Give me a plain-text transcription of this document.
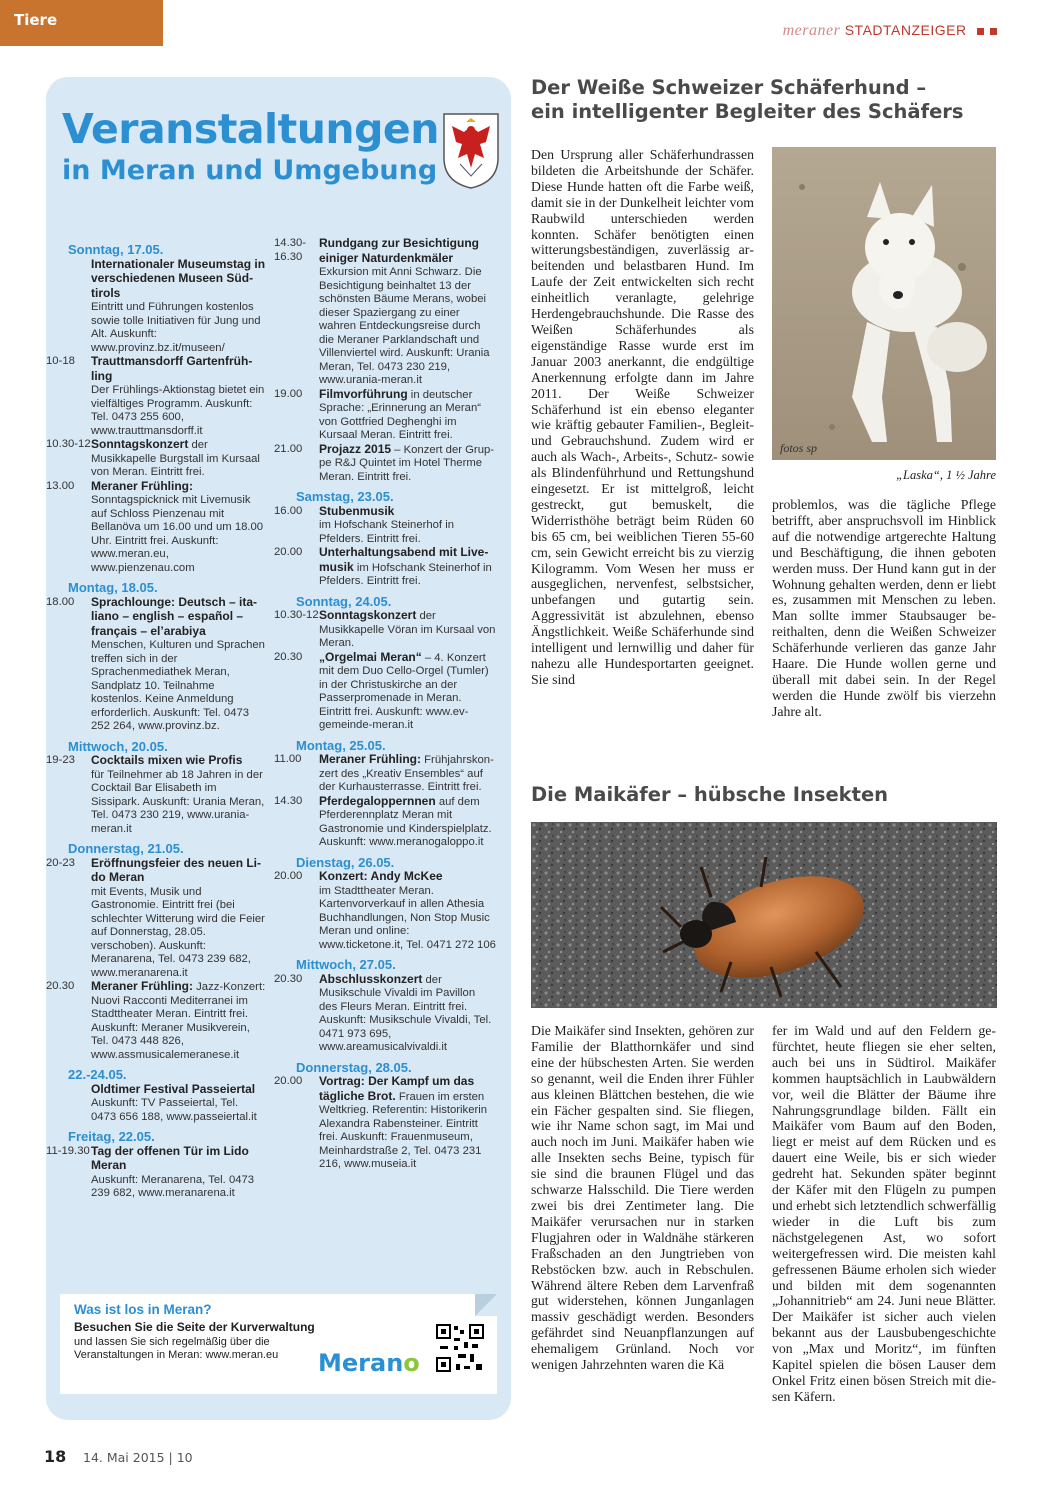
Tiere
meraner STADTANZEIGER
Veranstaltungen
in Meran und Umgebung
Sonntag, 17.05.
Internationaler Museumstag in verschiedenen Museen Südtirols
Eintritt und Führungen kostenlos sowie tolle Initiativen für Jung und Alt. Auskunft: www.provinz.bz.it/museen/
10-18	Trauttmansdorff Gartenfrühling
Der Frühlings-Aktionstag bietet ein vielfältiges Programm. Auskunft: Tel. 0473 255 600, www.trauttmansdorff.it
10.30-12 Sonntagskonzert der Musikkapelle Burgstall im Kursaal von Meran. Eintritt frei.
13.00	Meraner Frühling: Sonntagspicknick mit Livemusik auf Schloss Pienzenau mit Bellanöva um 16.00 und um 18.00 Uhr. Eintritt frei. Auskunft: www.meran.eu, www.pienzenau.com
Montag, 18.05.
18.00	Sprachlounge: Deutsch – italiano – english – español – français – el’arabiya
Menschen, Kulturen und Sprachen treffen sich in der Sprachenmediathek Meran, Sandplatz 10. Teilnahme kostenlos. Keine Anmeldung erforderlich. Auskunft: Tel. 0473 252 264, www.provinz.bz.
Mittwoch, 20.05.
19-23	Cocktails mixen wie Profis
für Teilnehmer ab 18 Jahren in der Cocktail Bar Elisabeth im Sissipark. Auskunft: Urania Meran, Tel. 0473 230 219, www.urania-meran.it
Donnerstag, 21.05.
20-23	Eröffnungsfeier des neuen Lido Meran
mit Events, Musik und Gastronomie. Eintritt frei (bei schlechter Witterung wird die Feier auf Donnerstag, 28.05. verschoben). Auskunft: Meranarena, Tel. 0473 239 682, www.meranarena.it
20.30	Meraner Frühling: Jazz-Konzert: Nuovi Racconti Mediterranei im Stadttheater Meran. Eintritt frei. Auskunft: Meraner Musikverein, Tel. 0473 448 826, www.assmusicalemeranese.it
22.-24.05.
Oldtimer Festival Passeiertal
Auskunft: TV Passeiertal, Tel. 0473 656 188, www.passeiertal.it
Freitag, 22.05.
11-19.30 Tag der offenen Tür im Lido Meran
Auskunft: Meranarena, Tel. 0473 239 682, www.meranarena.it
14.30-16.30
Rundgang zur Besichtigung einiger Naturdenkmäler
Exkursion mit Anni Schwarz. Die Besichtigung beinhaltet 13 der schönsten Bäume Merans, wobei dieser Spaziergang zu einer wahren Entdeckungsreise durch die Meraner Parklandschaft und Villenviertel wird. Auskunft: Urania Meran, Tel. 0473 230 219, www.urania-meran.it
19.00	Filmvorführung in deutscher Sprache: „Erinnerung an Meran“ von Gottfried Deghenghi im Kursaal Meran. Eintritt frei.
21.00	Projazz 2015 – Konzert der Gruppe R&J Quintet im Hotel Therme Meran. Eintritt frei.
Samstag, 23.05.
16.00	Stubenmusik
im Hofschank Steinerhof in Pfelders. Eintritt frei.
20.00	Unterhaltungsabend mit Livemusik im Hofschank Steinerhof in Pfelders. Eintritt frei.
Sonntag, 24.05.
10.30-12 Sonntagskonzert der Musikkapelle Vöran im Kursaal von Meran.
20.30	„Orgelmai Meran“ – 4. Konzert mit dem Duo Cello-Orgel (Tumler) in der Christuskirche an der Passerpromenade in Meran. Eintritt frei. Auskunft: www.ev-gemeinde-meran.it
Montag, 25.05.
11.00	Meraner Frühling: Frühjahrskonzert des „Kreativ Ensembles“ auf der Kurhausterrasse. Eintritt frei.
14.30	Pferdegaloppernnen auf dem Pferderennplatz Meran mit Gastronomie und Kinderspielplatz. Auskunft: www.meranogaloppo.it
Dienstag, 26.05.
20.00	Konzert: Andy McKee
im Stadttheater Meran. Kartenvorverkauf in allen Athesia Buchhandlungen, Non Stop Music Meran und online: www.ticketone.it, Tel. 0471 272 106
Mittwoch, 27.05.
20.30	Abschlusskonzert der Musikschule Vivaldi im Pavillon des Fleurs Meran. Eintritt frei. Auskunft: Musikschule Vivaldi, Tel. 0471 973 695, www.areamusicalvivaldi.it
Donnerstag, 28.05.
20.00	Vortrag: Der Kampf um das tägliche Brot. Frauen im ersten Weltkrieg. Referentin: Historikerin Alexandra Rabensteiner. Eintritt frei. Auskunft: Frauenmuseum, Meinhardstraße 2, Tel. 0473 231 216, www.museia.it
Was ist los in Meran?
Besuchen Sie die Seite der Kurverwaltung
und lassen Sie sich regelmäßig über die Veranstaltungen in Meran: www.meran.eu	Merano
Der Weiße Schweizer Schäferhund –
ein intelligenter Begleiter des Schäfers
Den Ursprung aller Schäferhundrassen bildeten die Arbeitshunde der Schäfer. Diese Hunde hatten oft die Farbe weiß, damit sie in der Dunkelheit leichter vom Raubwild unterschieden werden konnten. Schäfer benötigten einen witterungsbeständigen, zuverlässig arbeitenden und belastbaren Hund. Im Laufe der Zeit entwickelten sich recht einheitlich veranlagte, gelehrige Herdengebrauchshunde. Die Rasse des Weißen Schäferhundes als eigenständige Rasse wurde erst im Januar 2003 anerkannt, die endgültige Anerkennung erfolgte dann im Jahre 2011. Der Weiße Schweizer Schäferhund ist ein ebenso eleganter wie kräftig gebauter Familien-, Begleit- und Gebrauchshund. Zudem wird er auch als Wach-, Arbeits-, Schutz- sowie als Blindenführhund und Rettungshund eingesetzt. Er ist mittelgroß, leicht gestreckt, gut bemuskelt, die Widerristhöhe beträgt beim Rüden 60 bis 65 cm, bei weiblichen Tieren 55-60 cm, sein Gewicht erreicht bis zu vierzig Kilogramm. Vom Wesen her muss er ausgeglichen, nervenfest, selbstsicher, unbefangen und gutartig sein. Aggressivität ist abzulehnen, ebenso Ängstlichkeit. Weiße Schäferhunde sind intelligent und lernwillig und daher für nahezu alle Hundesportarten geeignet. Sie sind
fotos sp
„Laska“, 1 ½ Jahre
problemlos, was die tägliche Pflege betrifft, aber anspruchsvoll im Hinblick auf die notwendige artgerechte Haltung und Beschäftigung, die ihnen geboten werden muss. Der Hund kann gut in der Wohnung gehalten werden, denn er liebt es, zusammen mit Menschen zu leben. Man sollte immer Staubsauger bereithalten, denn die Weißen Schweizer Schäferhunde verlieren das ganze Jahr Haare. Die Hunde wollen gerne und überall mit dabei sein. In der Regel werden die Hunde zwölf bis vierzehn Jahre alt.
Die Maikäfer – hübsche Insekten
Die Maikäfer sind Insekten, gehören zur Familie der Blatthornkäfer und sind eine der hübschesten Arten. Sie werden so genannt, weil die Enden ihrer Fühler aus kleinen Blättchen bestehen, die wie ein Fächer gespalten sind. Sie fliegen, wie ihr Name schon sagt, im Mai und auch noch im Juni. Maikäfer haben wie alle Insekten sechs Beine, typisch für sie sind die braunen Flügel und das schwarze Halsschild. Die Tiere werden zwei bis drei Zentimeter lang. Die Maikäfer verursachen nur in starken Flugjahren oder in Waldnähe stärkeren Fraßschaden an den Jungtrieben von Rebstöcken bzw. auch in Rebschulen. Während ältere Reben dem Larvenfraß gut widerstehen, können Junganlagen massiv geschädigt werden. Besonders gefährdet sind Neuanpflanzungen auf ehemaligem Grünland. Noch vor wenigen Jahrzehnten waren die Kä
fer im Wald und auf den Feldern gefürchtet, heute fliegen sie eher selten, auch bei uns in Südtirol. Maikäfer kommen hauptsächlich in Laubwäldern vor, weil die Blätter der Bäume ihre Nahrungsgrundlage bilden. Fällt ein Maikäfer vom Baum auf den Boden, liegt er meist auf dem Rücken und es dauert eine Weile, bis er sich wieder gedreht hat. Sekunden später beginnt der Käfer mit den Flügeln zu pumpen und erhebt sich letztendlich schwerfällig wieder in die Luft bis zum nächstgelegenen Ast, wo sofort weitergefressen wird. Die meisten kahl gefressenen Bäume erholen sich wieder und bilden mit dem sogenannten „Johannitrieb“ am 24. Juni neue Blätter. Der Maikäfer ist sicher auch vielen bekannt aus der Lausbubengeschichte von „Max und Moritz“, im fünften Kapitel spielen die bösen Lauser dem Onkel Fritz einen bösen Streich mit diesen Käfern.
18 14. Mai 2015 | 10
